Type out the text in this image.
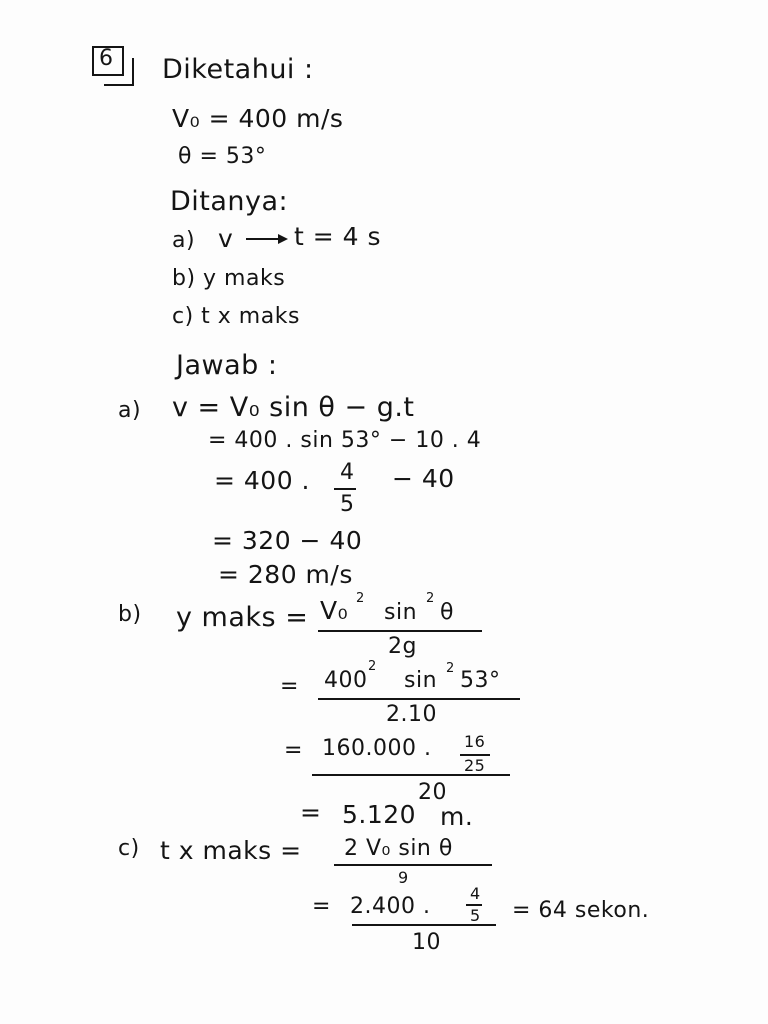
6 Diketahui :
V₀ = 400 m/s
θ = 53°
Ditanya:
a) v t = 4 s
b) y maks
c) t x maks
Jawab :
a) v = V₀ sin θ − g.t
= 400 . sin 53° − 10 . 4
= 400 . 4
5
− 40
= 320 − 40
= 280 m/s
b) y maks = V₀ 2
sin
2
θ
2g
= 400
2
sin 2 53°
2.10
= 160.000 . 16
25
=
20
5.120 m.
c) t x maks = 2 V₀ sin θ
=
9
2.400 .
4
5
10
= 64 sekon.
